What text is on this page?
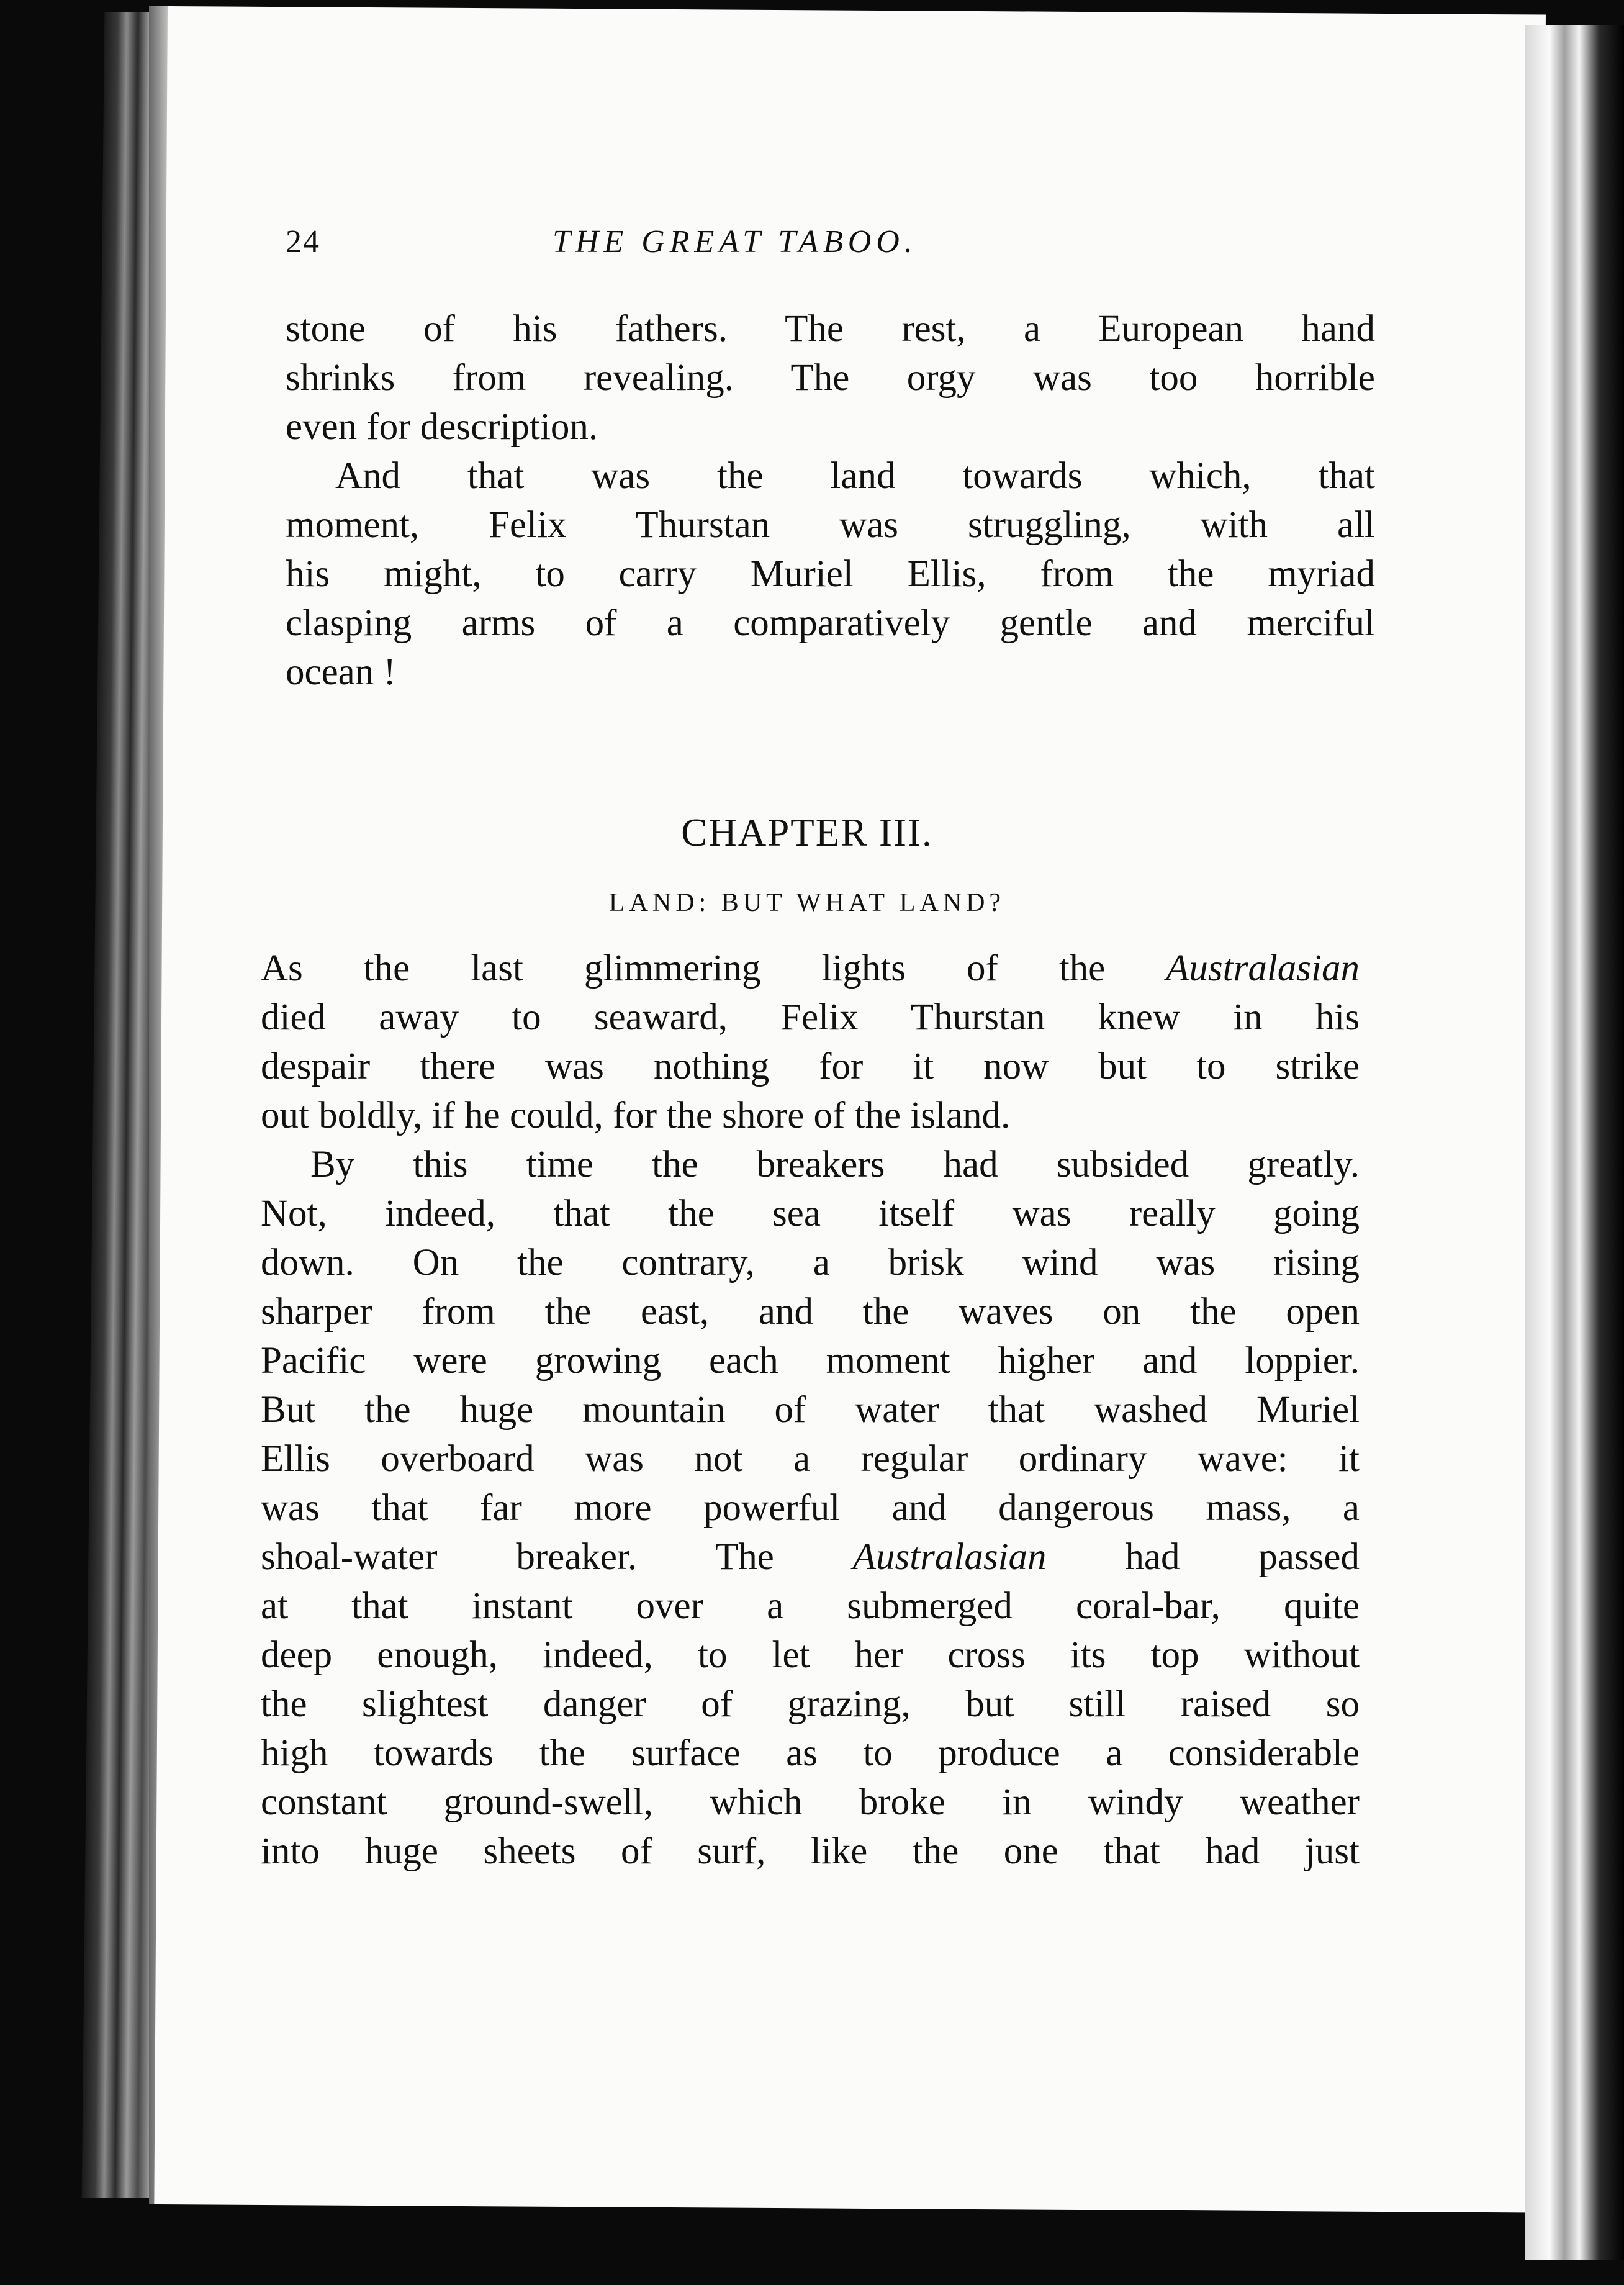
24	THE GREAT TABOO.
stone of his fathers. The rest, a European hand
shrinks from revealing. The orgy was too horrible
even for description.
And that was the land towards which, that
moment, Felix Thurstan was struggling, with all
his might, to carry Muriel Ellis, from the myriad
clasping arms of a comparatively gentle and merciful
ocean !
CHAPTER III.
LAND: BUT WHAT LAND?
As the last glimmering lights of the Australasian
died away to seaward, Felix Thurstan knew in his
despair there was nothing for it now but to strike
out boldly, if he could, for the shore of the island.
By this time the breakers had subsided greatly.
Not, indeed, that the sea itself was really going
down. On the contrary, a brisk wind was rising
sharper from the east, and the waves on the open
Pacific were growing each moment higher and loppier.
But the huge mountain of water that washed Muriel
Ellis overboard was not a regular ordinary wave: it
was that far more powerful and dangerous mass, a
shoal-water breaker. The Australasian had passed
at that instant over a submerged coral-bar, quite
deep enough, indeed, to let her cross its top without
the slightest danger of grazing, but still raised so
high towards the surface as to produce a considerable
constant ground-swell, which broke in windy weather
into huge sheets of surf, like the one that had just
